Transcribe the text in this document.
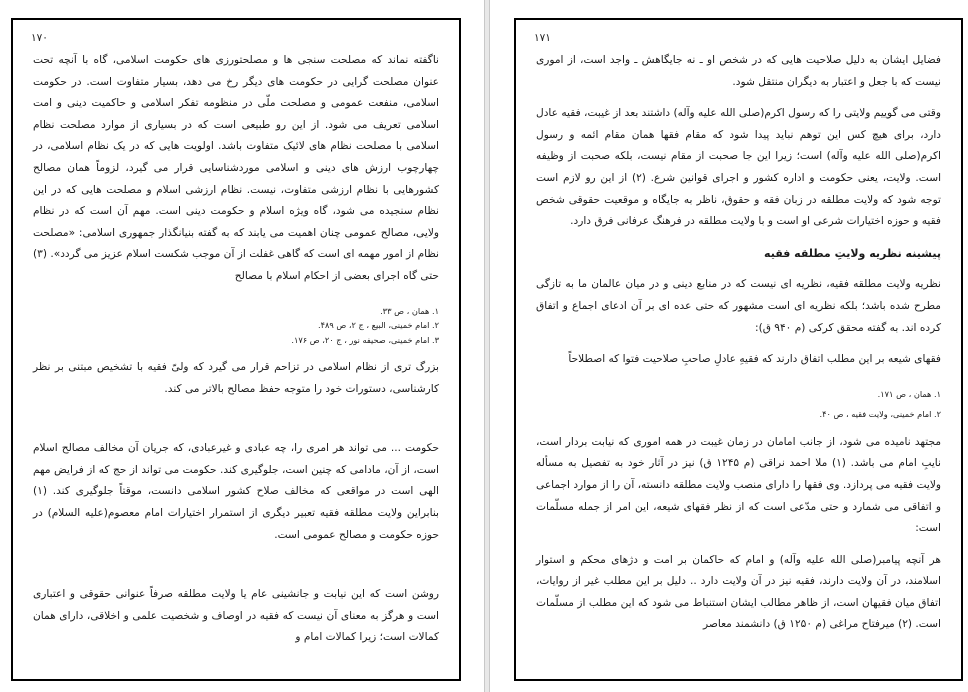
۱۷۰

ناگفته نماند که مصلحت سنجی ها و مصلحتورزی های حکومت اسلامی، گاه با آنچه تحت عنوان مصلحت گرایی در حکومت های دیگر رخ می دهد، بسیار متفاوت است. در حکومت اسلامی، منفعت عمومی و مصلحت ملّی در منظومه تفکر اسلامی و حاکمیت دینی و امت اسلامی تعریف می شود. از این رو طبیعی است که در بسیاری از موارد مصلحت نظام اسلامی با مصلحت نظام های لائیک متفاوت باشد. اولویت هایی که در یک نظام اسلامی، در چهارچوب ارزش های دینی و اسلامی موردشناسایی قرار می گیرد، لزوماً همان مصالح کشورهایی با نظام ارزشی متفاوت، نیست. نظام ارزشی اسلام و مصلحت هایی که در این نظام سنجیده می شود، گاه ویژه اسلام و حکومت دینی است. مهم آن است که در نظام ولایی، مصالح عمومی چنان اهمیت می یابند که به گفته بنیانگذار جمهوری اسلامی: «مصلحت نظام از امور مهمه ای است که گاهی غفلت از آن موجب شکست اسلام عزیز می گردد». (۳) حتی گاه اجرای بعضی از احکام اسلام با مصالح

۱. همان ، ص ۳۳.

۲. امام خمینی، البیع ، ج ۲، ص ۴۸۹.

۳. امام خمینی، صحیفه نور ، ج ۲۰، ص ۱۷۶.

بزرگ تری از نظام اسلامی در تزاحم قرار می گیرد که ولیّ فقیه با تشخیص مبتنی بر نظر کارشناسی، دستورات خود را متوجه حفظ مصالح بالاتر می کند.

حکومت ... می تواند هر امری را، چه عبادی و غیرعبادی، که جریان آن مخالف مصالح اسلام است، از آن، مادامی که چنین است، جلوگیری کند. حکومت می تواند از حج که از فرایض مهم الهی است در مواقعی که مخالف صلاح کشور اسلامی دانست، موقتاً جلوگیری کند. (۱) بنابراین ولایت مطلقه فقیه تعبیر دیگری از استمرار اختیارات امام معصوم(علیه السلام) در حوزه حکومت و مصالح عمومی است.

روشن است که این نیابت و جانشینی عام یا ولایت مطلقه صرفاً عنوانی حقوقی و اعتباری است و هرگز به معنای آن نیست که فقیه در اوصاف و شخصیت علمی و اخلاقی، دارای همان کمالات است؛ زیرا کمالات امام و

۱۷۱

فضایل ایشان به دلیل صلاحیت هایی که در شخص او ـ نه جایگاهش ـ واجد است، از اموری نیست که با جعل و اعتبار به دیگران منتقل شود.

وقتی می گوییم ولایتی را که رسول اکرم(صلی الله علیه وآله) داشتند بعد از غیبت، فقیه عادل دارد، برای هیچ کس این توهم نباید پیدا شود که مقام فقها همان مقام ائمه و رسول اکرم(صلی الله علیه وآله) است؛ زیرا این جا صحبت از مقام نیست، بلکه صحبت از وظیفه است. ولایت، یعنی حکومت و اداره کشور و اجرای قوانین شرع. (۲) از این رو لازم است توجه شود که ولایت مطلقه در زبان فقه و حقوق، ناظر به جایگاه و موقعیت حقوقی شخص فقیه و حوزه اختیارات شرعی او است و با ولایت مطلقه در فرهنگ عرفانی فرق دارد.

پیشینه نظریه ولایتِ مطلقه فقیه

نظریه ولایت مطلقه فقیه، نظریه ای نیست که در منابع دینی و در میان عالمان ما به تازگی مطرح شده باشد؛ بلکه نظریه ای است مشهور که حتی عده ای بر آن ادعای اجماع و اتفاق کرده اند. به گفته محقق کرکی (م ۹۴۰ ق):

فقهای شیعه بر این مطلب اتفاق دارند که فقیهِ عادلِ صاحبِ صلاحیت فتوا که اصطلاحاً

۱. همان ، ص ۱۷۱.

۲. امام خمینی، ولایت فقیه ، ص ۴۰.

مجتهد نامیده می شود، از جانب امامان در زمان غیبت در همه اموری که نیابت بردار است، نایبِ امام می باشد. (۱) ملا احمد نراقی (م ۱۲۴۵ ق) نیز در آثار خود به تفصیل به مسأله ولایت فقیه می پردازد. وی فقها را دارای منصب ولایت مطلقه دانسته، آن را از موارد اجماعی و اتفاقی می شمارد و حتی مدّعی است که از نظر فقهای شیعه، این امر از جمله مسلّمات است:

هر آنچه پیامبر(صلی الله علیه وآله) و امام که حاکمان بر امت و دژهای محکم و استوار اسلامند، در آن ولایت دارند، فقیه نیز در آن ولایت دارد .. دلیل بر این مطلب غیر از روایات، اتفاق میان فقیهان است، از ظاهر مطالب ایشان استنباط می شود که این مطلب از مسلّمات است. (۲) میرفتاح مراغی (م ۱۲۵۰ ق) دانشمند معاصر
